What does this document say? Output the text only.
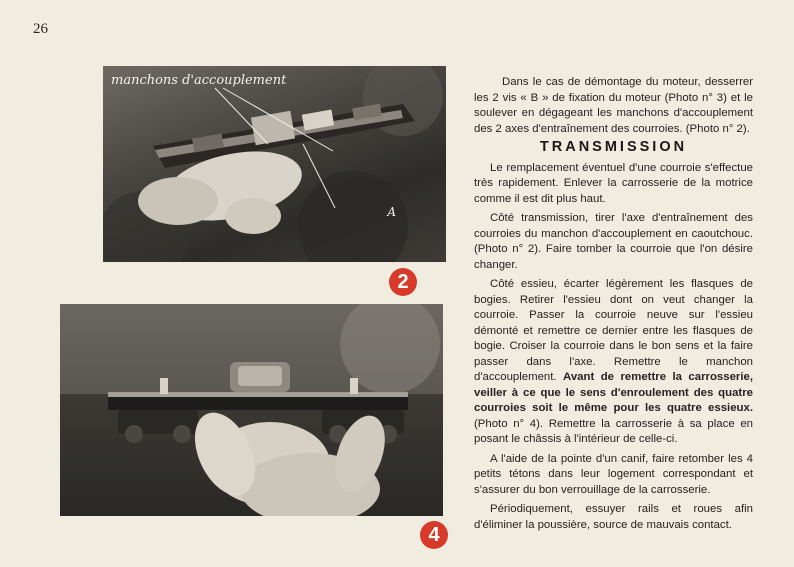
26
manchons d'accouplement
A
2
4

Dans le cas de démontage du moteur, desserrer les 2 vis « B » de fixation du moteur (Photo n° 3) et le soulever en dégageant les manchons d'accouplement des 2 axes d'entraînement des courroies. (Photo n° 2).

TRANSMISSION

Le remplacement éventuel d'une courroie s'effectue très rapidement. Enlever la carrosserie de la motrice comme il est dit plus haut.

Côté transmission, tirer l'axe d'entraînement des courroies du manchon d'accouplement en caoutchouc. (Photo n° 2). Faire tomber la courroie que l'on désire changer.

Côté essieu, écarter légèrement les flasques de bogies. Retirer l'essieu dont on veut changer la courroie. Passer la courroie neuve sur l'essieu démonté et remettre ce dernier entre les flasques de bogie. Croiser la courroie dans le bon sens et la faire passer dans l'axe. Remettre le manchon d'accouplement. Avant de remettre la carrosserie, veiller à ce que le sens d'enroulement des quatre courroies soit le même pour les quatre essieux. (Photo n° 4). Remettre la carrosserie à sa place en posant le châssis à l'intérieur de celle-ci.

A l'aide de la pointe d'un canif, faire retomber les 4 petits tétons dans leur logement correspondant et s'assurer du bon verrouillage de la carrosserie.

Périodiquement, essuyer rails et roues afin d'éliminer la poussière, source de mauvais contact.
